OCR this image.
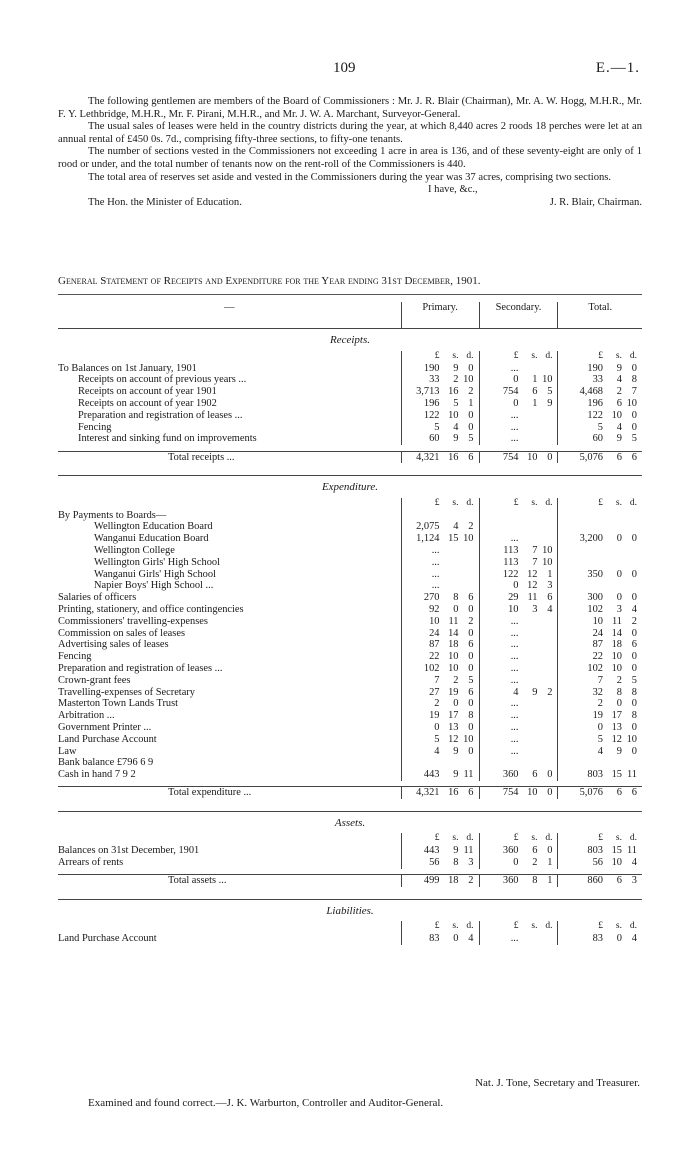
109	E.—1.

The following gentlemen are members of the Board of Commissioners : Mr. J. R. Blair (Chairman), Mr. A. W. Hogg, M.H.R., Mr. F. Y. Lethbridge, M.H.R., Mr. F. Pirani, M.H.R., and Mr. J. W. A. Marchant, Surveyor-General.

The usual sales of leases were held in the country districts during the year, at which 8,440 acres 2 roods 18 perches were let at an annual rental of £450 0s. 7d., comprising fifty-three sections, to fifty-one tenants.

The number of sections vested in the Commissioners not exceeding 1 acre in area is 136, and of these seventy-eight are only of 1 rood or under, and the total number of tenants now on the rent-roll of the Commissioners is 440.

The total area of reserves set aside and vested in the Commissioners during the year was 37 acres, comprising two sections.

I have, &c.,
The Hon. the Minister of Education.	J. R. Blair, Chairman.
General Statement of Receipts and Expenditure for the Year ending 31st December, 1901.
—	Primary.	Secondary.	Total.
Receipts.			

	£ s. d.	£ s. d.	£ s. d.

To Balances on 1st January, 1901	190 9 0	...	190 9 0

Receipts on account of previous years ...	33 2 10	0 1 10	33 4 8

Receipts on account of year 1901	3,713 16 2	754 6 5	4,468 2 7

Receipts on account of year 1902	196 5 1	0 1 9	196 6 10

Preparation and registration of leases ...	122 10 0	...	122 10 0

Fencing	5 4 0	...	5 4 0

Interest and sinking fund on improvements	60 9 5	...	60 9 5

Total receipts ...	4,321 16 6	754 10 0	5,076 6 6

Expenditure.			

	£ s. d.	£ s. d.	£ s. d.

By Payments to Boards—			

Wellington Education Board	2,075 4 2		

Wanganui Education Board	1,124 15 10	...	3,200 0 0

Wellington College	...	113 7 10	

Wellington Girls' High School	...	113 7 10	

Wanganui Girls' High School	...	122 12 1	350 0 0

Napier Boys' High School ...	...	0 12 3	

Salaries of officers	270 8 6	29 11 6	300 0 0

Printing, stationery, and office contingencies	92 0 0	10 3 4	102 3 4

Commissioners' travelling-expenses	10 11 2	...	10 11 2

Commission on sales of leases	24 14 0	...	24 14 0

Advertising sales of leases	87 18 6	...	87 18 6

Fencing	22 10 0	...	22 10 0

Preparation and registration of leases ...	102 10 0	...	102 10 0

Crown-grant fees	7 2 5	...	7 2 5

Travelling-expenses of Secretary	27 19 6	4 9 2	32 8 8

Masterton Town Lands Trust	2 0 0	...	2 0 0

Arbitration ...	19 17 8	...	19 17 8

Government Printer ...	0 13 0	...	0 13 0

Land Purchase Account	5 12 10	...	5 12 10

Law	4 9 0	...	4 9 0

Bank balance £796 6 9			

Cash in hand 7 9 2	443 9 11	360 6 0	803 15 11

Total expenditure ...	4,321 16 6	754 10 0	5,076 6 6

Assets.			

	£ s. d.	£ s. d.	£ s. d.

Balances on 31st December, 1901	443 9 11	360 6 0	803 15 11

Arrears of rents	56 8 3	0 2 1	56 10 4

Total assets ...	499 18 2	360 8 1	860 6 3

Liabilities.			

	£ s. d.	£ s. d.	£ s. d.

Land Purchase Account	83 0 4	...	83 0 4
Nat. J. Tone, Secretary and Treasurer.
Examined and found correct.—J. K. Warburton, Controller and Auditor-General.
